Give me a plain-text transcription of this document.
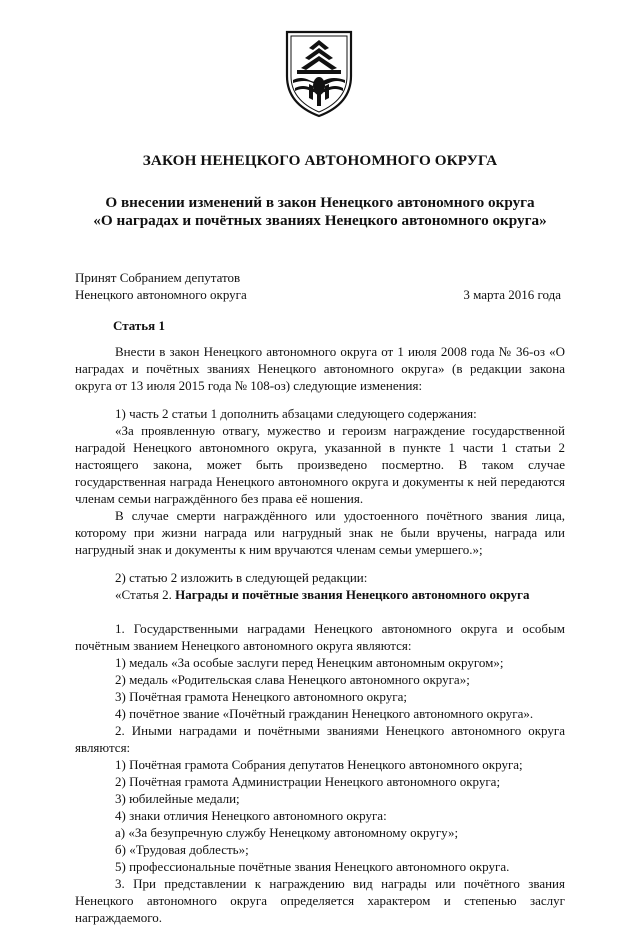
ЗАКОН НЕНЕЦКОГО АВТОНОМНОГО ОКРУГА
О внесении изменений в закон Ненецкого автономного округа
«О наградах и почётных званиях Ненецкого автономного округа»
Принят Собранием депутатов
Ненецкого автономного округа	3 марта 2016 года
Статья 1

Внести в закон Ненецкого автономного округа от 1 июля 2008 года № 36-оз «О наградах и почётных званиях Ненецкого автономного округа» (в редакции закона округа от 13 июля 2015 года № 108-оз) следующие изменения:

1) часть 2 статьи 1 дополнить абзацами следующего содержания:

«За проявленную отвагу, мужество и героизм награждение государственной наградой Ненецкого автономного округа, указанной в пункте 1 части 1 статьи 2 настоящего закона, может быть произведено посмертно. В таком случае государственная награда Ненецкого автономного округа и документы к ней передаются членам семьи награждённого без права её ношения.

В случае смерти награждённого или удостоенного почётного звания лица, которому при жизни награда или нагрудный знак не были вручены, награда или нагрудный знак и документы к ним вручаются членам семьи умершего.»;

2) статью 2 изложить в следующей редакции:

«Статья 2. Награды и почётные звания Ненецкого автономного округа

1. Государственными наградами Ненецкого автономного округа и особым почётным званием Ненецкого автономного округа являются:

1) медаль «За особые заслуги перед Ненецким автономным округом»;

2) медаль «Родительская слава Ненецкого автономного округа»;

3) Почётная грамота Ненецкого автономного округа;

4) почётное звание «Почётный гражданин Ненецкого автономного округа».

2. Иными наградами и почётными званиями Ненецкого автономного округа являются:

1) Почётная грамота Собрания депутатов Ненецкого автономного округа;

2) Почётная грамота Администрации Ненецкого автономного округа;

3) юбилейные медали;

4) знаки отличия Ненецкого автономного округа:

а) «За безупречную службу Ненецкому автономному округу»;

б) «Трудовая доблесть»;

5) профессиональные почётные звания Ненецкого автономного округа.

3. При представлении к награждению вид награды или почётного звания Ненецкого автономного округа определяется характером и степенью заслуг награждаемого.
